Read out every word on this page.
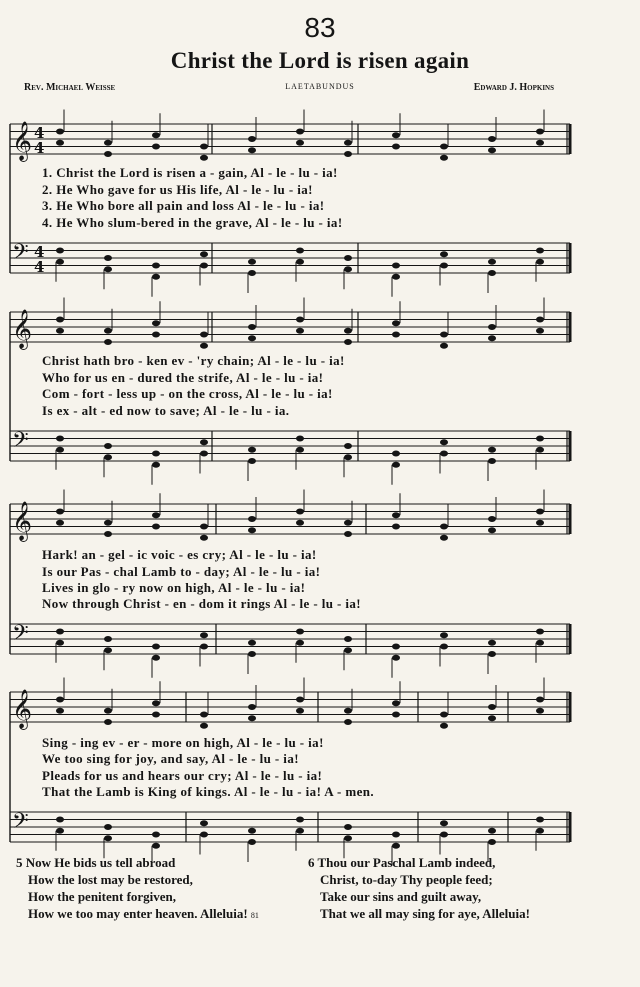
83
Christ the Lord is risen again
Rev. Michael Weisse	LAETABUNDUS	Edward J. Hopkins
𝄞
𝄢
𝄞
𝄢
𝄞
𝄢
𝄞
𝄢
4
4
4
4
1. Christ the Lord is risen a - gain, Al - le - lu - ia!
2. He Who gave for us His life, Al - le - lu - ia!
3. He Who bore all pain and loss Al - le - lu - ia!
4. He Who slum-bered in the grave, Al - le - lu - ia!
Christ hath bro - ken ev - 'ry chain; Al - le - lu - ia!
Who for us en - dured the strife, Al - le - lu - ia!
Com - fort - less up - on the cross, Al - le - lu - ia!
Is ex - alt - ed now to save; Al - le - lu - ia.
Hark! an - gel - ic voic - es cry; Al - le - lu - ia!
Is our Pas - chal Lamb to - day; Al - le - lu - ia!
Lives in glo - ry now on high, Al - le - lu - ia!
Now through Christ - en - dom it rings Al - le - lu - ia!
Sing - ing ev - er - more on high, Al - le - lu - ia!
We too sing for joy, and say, Al - le - lu - ia!
Pleads for us and hears our cry; Al - le - lu - ia!
That the Lamb is King of kings. Al - le - lu - ia! A - men.
5 Now He bids us tell abroad
How the lost may be restored,
How the penitent forgiven,
How we too may enter heaven. Alleluia! 81
6 Thou our Paschal Lamb indeed,
Christ, to-day Thy people feed;
Take our sins and guilt away,
That we all may sing for aye, Alleluia!
